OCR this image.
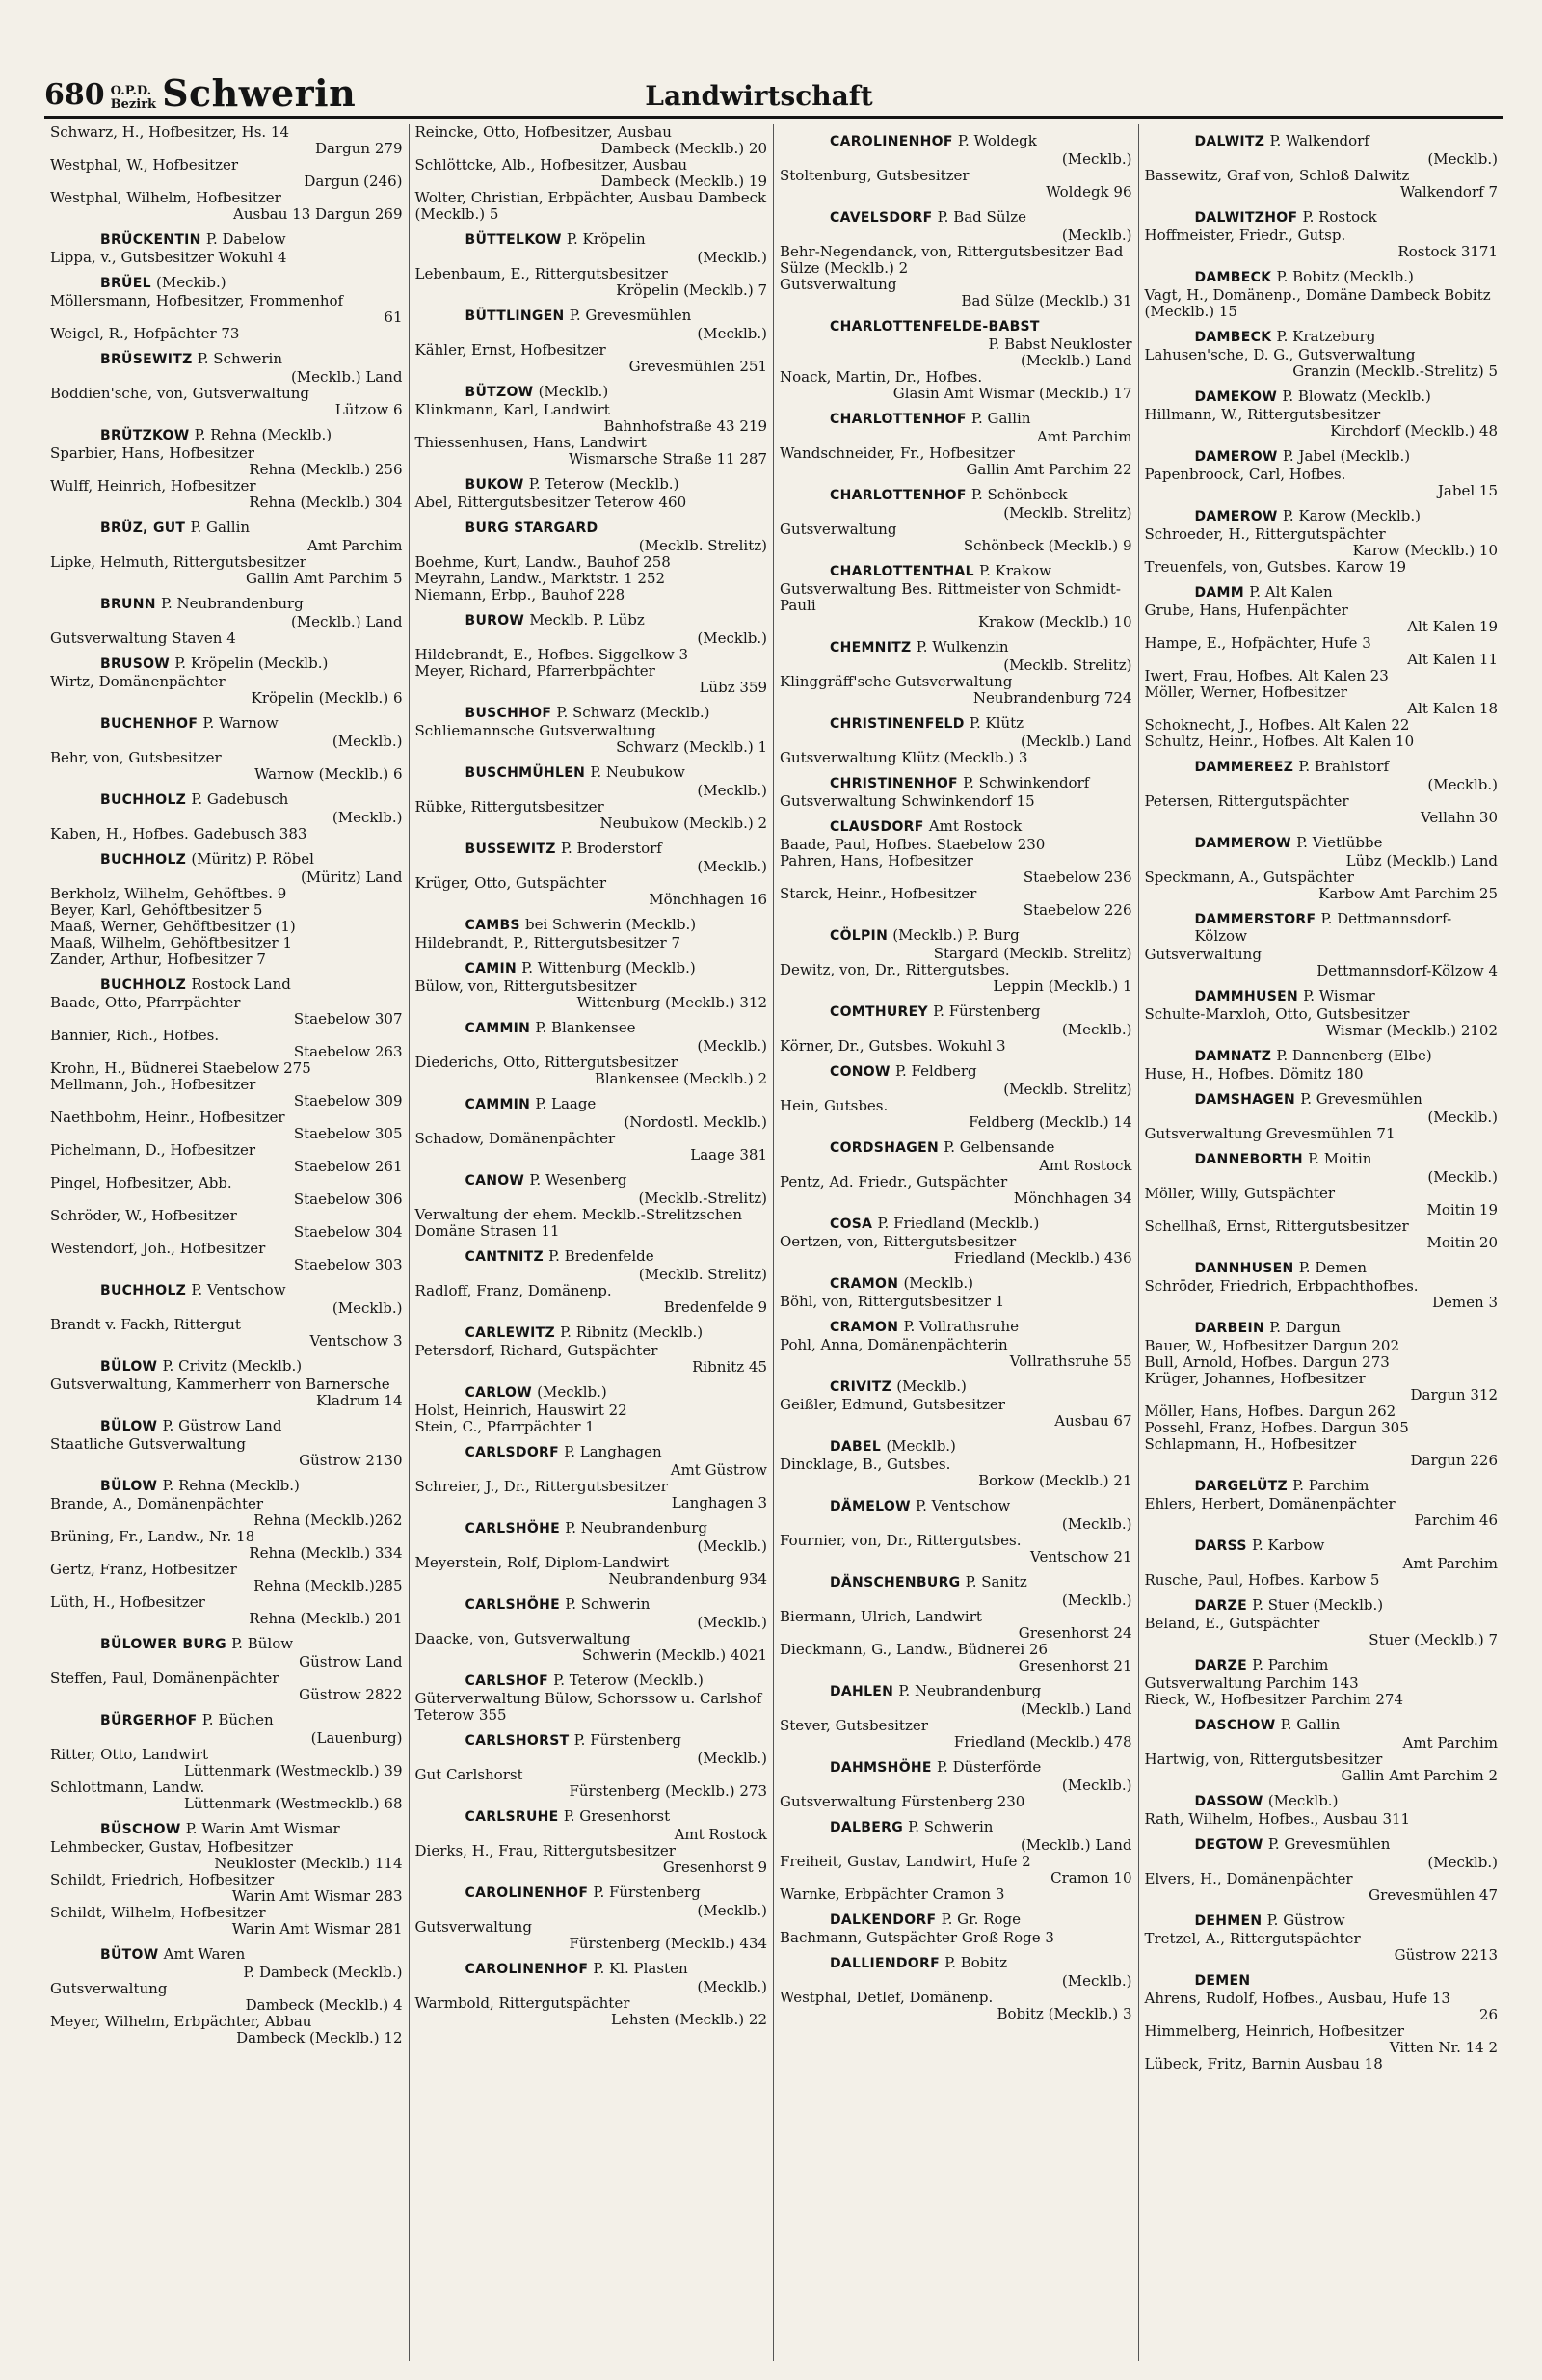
680 O.P.D.
Bezirk Schwerin	Landwirtschaft
Schwarz, H., Hofbesitzer, Hs. 14
Dargun 279
Westphal, W., Hofbesitzer
Dargun (246)
Westphal, Wilhelm, Hofbesitzer
Ausbau 13 Dargun 269
BRÜCKENTIN P. Dabelow
Lippa, v., Gutsbesitzer Wokuhl 4
BRÜEL (Meckib.)
Möllersmann, Hofbesitzer, Frommenhof
61
Weigel, R., Hofpächter 73
BRÜSEWITZ P. Schwerin
(Mecklb.) Land
Boddien'sche, von, Gutsverwaltung
Lützow 6
BRÜTZKOW P. Rehna (Mecklb.)
Sparbier, Hans, Hofbesitzer
Rehna (Mecklb.) 256
Wulff, Heinrich, Hofbesitzer
Rehna (Mecklb.) 304
BRÜZ, GUT P. Gallin
Amt Parchim
Lipke, Helmuth, Rittergutsbesitzer
Gallin Amt Parchim 5
BRUNN P. Neubrandenburg
(Mecklb.) Land
Gutsverwaltung Staven 4
BRUSOW P. Kröpelin (Mecklb.)
Wirtz, Domänenpächter
Kröpelin (Mecklb.) 6
BUCHENHOF P. Warnow
(Mecklb.)
Behr, von, Gutsbesitzer
Warnow (Mecklb.) 6
BUCHHOLZ P. Gadebusch
(Mecklb.)
Kaben, H., Hofbes. Gadebusch 383
BUCHHOLZ (Müritz) P. Röbel
(Müritz) Land
Berkholz, Wilhelm, Gehöftbes. 9
Beyer, Karl, Gehöftbesitzer 5
Maaß, Werner, Gehöftbesitzer (1)
Maaß, Wilhelm, Gehöftbesitzer 1
Zander, Arthur, Hofbesitzer 7
BUCHHOLZ Rostock Land
Baade, Otto, Pfarrpächter
Staebelow 307
Bannier, Rich., Hofbes.
Staebelow 263
Krohn, H., Büdnerei Staebelow 275
Mellmann, Joh., Hofbesitzer
Staebelow 309
Naethbohm, Heinr., Hofbesitzer
Staebelow 305
Pichelmann, D., Hofbesitzer
Staebelow 261
Pingel, Hofbesitzer, Abb.
Staebelow 306
Schröder, W., Hofbesitzer
Staebelow 304
Westendorf, Joh., Hofbesitzer
Staebelow 303
BUCHHOLZ P. Ventschow
(Mecklb.)
Brandt v. Fackh, Rittergut
Ventschow 3
BÜLOW P. Crivitz (Mecklb.)
Gutsverwaltung, Kammerherr von Barnersche
Kladrum 14
BÜLOW P. Güstrow Land
Staatliche Gutsverwaltung
Güstrow 2130
BÜLOW P. Rehna (Mecklb.)
Brande, A., Domänenpächter
Rehna (Mecklb.)262
Brüning, Fr., Landw., Nr. 18
Rehna (Mecklb.) 334
Gertz, Franz, Hofbesitzer
Rehna (Mecklb.)285
Lüth, H., Hofbesitzer
Rehna (Mecklb.) 201
BÜLOWER BURG P. Bülow
Güstrow Land
Steffen, Paul, Domänenpächter
Güstrow 2822
BÜRGERHOF P. Büchen
(Lauenburg)
Ritter, Otto, Landwirt
Lüttenmark (Westmecklb.) 39
Schlottmann, Landw.
Lüttenmark (Westmecklb.) 68
BÜSCHOW P. Warin Amt Wismar
Lehmbecker, Gustav, Hofbesitzer
Neukloster (Mecklb.) 114
Schildt, Friedrich, Hofbesitzer
Warin Amt Wismar 283
Schildt, Wilhelm, Hofbesitzer
Warin Amt Wismar 281
BÜTOW Amt Waren
P. Dambeck (Mecklb.)
Gutsverwaltung
Dambeck (Mecklb.) 4
Meyer, Wilhelm, Erbpächter, Abbau
Dambeck (Mecklb.) 12
Reincke, Otto, Hofbesitzer, Ausbau
Dambeck (Mecklb.) 20
Schlöttcke, Alb., Hofbesitzer, Ausbau
Dambeck (Mecklb.) 19
Wolter, Christian, Erbpächter, Ausbau Dambeck (Mecklb.) 5
BÜTTELKOW P. Kröpelin
(Mecklb.)
Lebenbaum, E., Rittergutsbesitzer
Kröpelin (Mecklb.) 7
BÜTTLINGEN P. Grevesmühlen
(Mecklb.)
Kähler, Ernst, Hofbesitzer
Grevesmühlen 251
BÜTZOW (Mecklb.)
Klinkmann, Karl, Landwirt
Bahnhofstraße 43 219
Thiessenhusen, Hans, Landwirt
Wismarsche Straße 11 287
BUKOW P. Teterow (Mecklb.)
Abel, Rittergutsbesitzer Teterow 460
BURG STARGARD
(Mecklb. Strelitz)
Boehme, Kurt, Landw., Bauhof 258
Meyrahn, Landw., Marktstr. 1 252
Niemann, Erbp., Bauhof 228
BUROW Mecklb. P. Lübz
(Mecklb.)
Hildebrandt, E., Hofbes. Siggelkow 3
Meyer, Richard, Pfarrerbpächter
Lübz 359
BUSCHHOF P. Schwarz (Mecklb.)
Schliemannsche Gutsverwaltung
Schwarz (Mecklb.) 1
BUSCHMÜHLEN P. Neubukow
(Mecklb.)
Rübke, Rittergutsbesitzer
Neubukow (Mecklb.) 2
BUSSEWITZ P. Broderstorf
(Mecklb.)
Krüger, Otto, Gutspächter
Mönchhagen 16
CAMBS bei Schwerin (Mecklb.)
Hildebrandt, P., Rittergutsbesitzer 7
CAMIN P. Wittenburg (Mecklb.)
Bülow, von, Rittergutsbesitzer
Wittenburg (Mecklb.) 312
CAMMIN P. Blankensee
(Mecklb.)
Diederichs, Otto, Rittergutsbesitzer
Blankensee (Mecklb.) 2
CAMMIN P. Laage
(Nordostl. Mecklb.)
Schadow, Domänenpächter
Laage 381
CANOW P. Wesenberg
(Mecklb.-Strelitz)
Verwaltung der ehem. Mecklb.-Strelitzschen Domäne Strasen 11
CANTNITZ P. Bredenfelde
(Mecklb. Strelitz)
Radloff, Franz, Domänenp.
Bredenfelde 9
CARLEWITZ P. Ribnitz (Mecklb.)
Petersdorf, Richard, Gutspächter
Ribnitz 45
CARLOW (Mecklb.)
Holst, Heinrich, Hauswirt 22
Stein, C., Pfarrpächter 1
CARLSDORF P. Langhagen
Amt Güstrow
Schreier, J., Dr., Rittergutsbesitzer
Langhagen 3
CARLSHÖHE P. Neubrandenburg
(Mecklb.)
Meyerstein, Rolf, Diplom-Landwirt
Neubrandenburg 934
CARLSHÖHE P. Schwerin
(Mecklb.)
Daacke, von, Gutsverwaltung
Schwerin (Mecklb.) 4021
CARLSHOF P. Teterow (Mecklb.)
Güterverwaltung Bülow, Schorssow u. Carlshof Teterow 355
CARLSHORST P. Fürstenberg
(Mecklb.)
Gut Carlshorst
Fürstenberg (Mecklb.) 273
CARLSRUHE P. Gresenhorst
Amt Rostock
Dierks, H., Frau, Rittergutsbesitzer
Gresenhorst 9
CAROLINENHOF P. Fürstenberg
(Mecklb.)
Gutsverwaltung
Fürstenberg (Mecklb.) 434
CAROLINENHOF P. Kl. Plasten
(Mecklb.)
Warmbold, Rittergutspächter
Lehsten (Mecklb.) 22
CAROLINENHOF P. Woldegk
(Mecklb.)
Stoltenburg, Gutsbesitzer
Woldegk 96
CAVELSDORF P. Bad Sülze
(Mecklb.)
Behr-Negendanck, von, Rittergutsbesitzer Bad Sülze (Mecklb.) 2
Gutsverwaltung
Bad Sülze (Mecklb.) 31
CHARLOTTENFELDE-BABST
P. Babst Neukloster
(Mecklb.) Land
Noack, Martin, Dr., Hofbes.
Glasin Amt Wismar (Mecklb.) 17
CHARLOTTENHOF P. Gallin
Amt Parchim
Wandschneider, Fr., Hofbesitzer
Gallin Amt Parchim 22
CHARLOTTENHOF P. Schönbeck
(Mecklb. Strelitz)
Gutsverwaltung
Schönbeck (Mecklb.) 9
CHARLOTTENTHAL P. Krakow
Gutsverwaltung Bes. Rittmeister von Schmidt-Pauli
Krakow (Mecklb.) 10
CHEMNITZ P. Wulkenzin
(Mecklb. Strelitz)
Klinggräff'sche Gutsverwaltung
Neubrandenburg 724
CHRISTINENFELD P. Klütz
(Mecklb.) Land
Gutsverwaltung Klütz (Mecklb.) 3
CHRISTINENHOF P. Schwinkendorf
Gutsverwaltung Schwinkendorf 15
CLAUSDORF Amt Rostock
Baade, Paul, Hofbes. Staebelow 230
Pahren, Hans, Hofbesitzer
Staebelow 236
Starck, Heinr., Hofbesitzer
Staebelow 226
CÖLPIN (Mecklb.) P. Burg
Stargard (Mecklb. Strelitz)
Dewitz, von, Dr., Rittergutsbes.
Leppin (Mecklb.) 1
COMTHUREY P. Fürstenberg
(Mecklb.)
Körner, Dr., Gutsbes. Wokuhl 3
CONOW P. Feldberg
(Mecklb. Strelitz)
Hein, Gutsbes.
Feldberg (Mecklb.) 14
CORDSHAGEN P. Gelbensande
Amt Rostock
Pentz, Ad. Friedr., Gutspächter
Mönchhagen 34
COSA P. Friedland (Mecklb.)
Oertzen, von, Rittergutsbesitzer
Friedland (Mecklb.) 436
CRAMON (Mecklb.)
Böhl, von, Rittergutsbesitzer 1
CRAMON P. Vollrathsruhe
Pohl, Anna, Domänenpächterin
Vollrathsruhe 55
CRIVITZ (Mecklb.)
Geißler, Edmund, Gutsbesitzer
Ausbau 67
DABEL (Mecklb.)
Dincklage, B., Gutsbes.
Borkow (Mecklb.) 21
DÄMELOW P. Ventschow
(Mecklb.)
Fournier, von, Dr., Rittergutsbes.
Ventschow 21
DÄNSCHENBURG P. Sanitz
(Mecklb.)
Biermann, Ulrich, Landwirt
Gresenhorst 24
Dieckmann, G., Landw., Büdnerei 26
Gresenhorst 21
DAHLEN P. Neubrandenburg
(Mecklb.) Land
Stever, Gutsbesitzer
Friedland (Mecklb.) 478
DAHMSHÖHE P. Düsterförde
(Mecklb.)
Gutsverwaltung Fürstenberg 230
DALBERG P. Schwerin
(Mecklb.) Land
Freiheit, Gustav, Landwirt, Hufe 2
Cramon 10
Warnke, Erbpächter Cramon 3
DALKENDORF P. Gr. Roge
Bachmann, Gutspächter Groß Roge 3
DALLIENDORF P. Bobitz
(Mecklb.)
Westphal, Detlef, Domänenp.
Bobitz (Mecklb.) 3
DALWITZ P. Walkendorf
(Mecklb.)
Bassewitz, Graf von, Schloß Dalwitz
Walkendorf 7
DALWITZHOF P. Rostock
Hoffmeister, Friedr., Gutsp.
Rostock 3171
DAMBECK P. Bobitz (Mecklb.)
Vagt, H., Domänenp., Domäne Dambeck Bobitz (Mecklb.) 15
DAMBECK P. Kratzeburg
Lahusen'sche, D. G., Gutsverwaltung
Granzin (Mecklb.-Strelitz) 5
DAMEKOW P. Blowatz (Mecklb.)
Hillmann, W., Rittergutsbesitzer
Kirchdorf (Mecklb.) 48
DAMEROW P. Jabel (Mecklb.)
Papenbroock, Carl, Hofbes.
Jabel 15
DAMEROW P. Karow (Mecklb.)
Schroeder, H., Rittergutspächter
Karow (Mecklb.) 10
Treuenfels, von, Gutsbes. Karow 19
DAMM P. Alt Kalen
Grube, Hans, Hufenpächter
Alt Kalen 19
Hampe, E., Hofpächter, Hufe 3
Alt Kalen 11
Iwert, Frau, Hofbes. Alt Kalen 23
Möller, Werner, Hofbesitzer
Alt Kalen 18
Schoknecht, J., Hofbes. Alt Kalen 22
Schultz, Heinr., Hofbes. Alt Kalen 10
DAMMEREEZ P. Brahlstorf
(Mecklb.)
Petersen, Rittergutspächter
Vellahn 30
DAMMEROW P. Vietlübbe
Lübz (Mecklb.) Land
Speckmann, A., Gutspächter
Karbow Amt Parchim 25
DAMMERSTORF P. Dettmannsdorf-Kölzow
Gutsverwaltung
Dettmannsdorf-Kölzow 4
DAMMHUSEN P. Wismar
Schulte-Marxloh, Otto, Gutsbesitzer
Wismar (Mecklb.) 2102
DAMNATZ P. Dannenberg (Elbe)
Huse, H., Hofbes. Dömitz 180
DAMSHAGEN P. Grevesmühlen
(Mecklb.)
Gutsverwaltung Grevesmühlen 71
DANNEBORTH P. Moitin
(Mecklb.)
Möller, Willy, Gutspächter
Moitin 19
Schellhaß, Ernst, Rittergutsbesitzer
Moitin 20
DANNHUSEN P. Demen
Schröder, Friedrich, Erbpachthofbes.
Demen 3
DARBEIN P. Dargun
Bauer, W., Hofbesitzer Dargun 202
Bull, Arnold, Hofbes. Dargun 273
Krüger, Johannes, Hofbesitzer
Dargun 312
Möller, Hans, Hofbes. Dargun 262
Possehl, Franz, Hofbes. Dargun 305
Schlapmann, H., Hofbesitzer
Dargun 226
DARGELÜTZ P. Parchim
Ehlers, Herbert, Domänenpächter
Parchim 46
DARSS P. Karbow
Amt Parchim
Rusche, Paul, Hofbes. Karbow 5
DARZE P. Stuer (Mecklb.)
Beland, E., Gutspächter
Stuer (Mecklb.) 7
DARZE P. Parchim
Gutsverwaltung Parchim 143
Rieck, W., Hofbesitzer Parchim 274
DASCHOW P. Gallin
Amt Parchim
Hartwig, von, Rittergutsbesitzer
Gallin Amt Parchim 2
DASSOW (Mecklb.)
Rath, Wilhelm, Hofbes., Ausbau 311
DEGTOW P. Grevesmühlen
(Mecklb.)
Elvers, H., Domänenpächter
Grevesmühlen 47
DEHMEN P. Güstrow
Tretzel, A., Rittergutspächter
Güstrow 2213
DEMEN
Ahrens, Rudolf, Hofbes., Ausbau, Hufe 13
26
Himmelberg, Heinrich, Hofbesitzer
Vitten Nr. 14 2
Lübeck, Fritz, Barnin Ausbau 18
